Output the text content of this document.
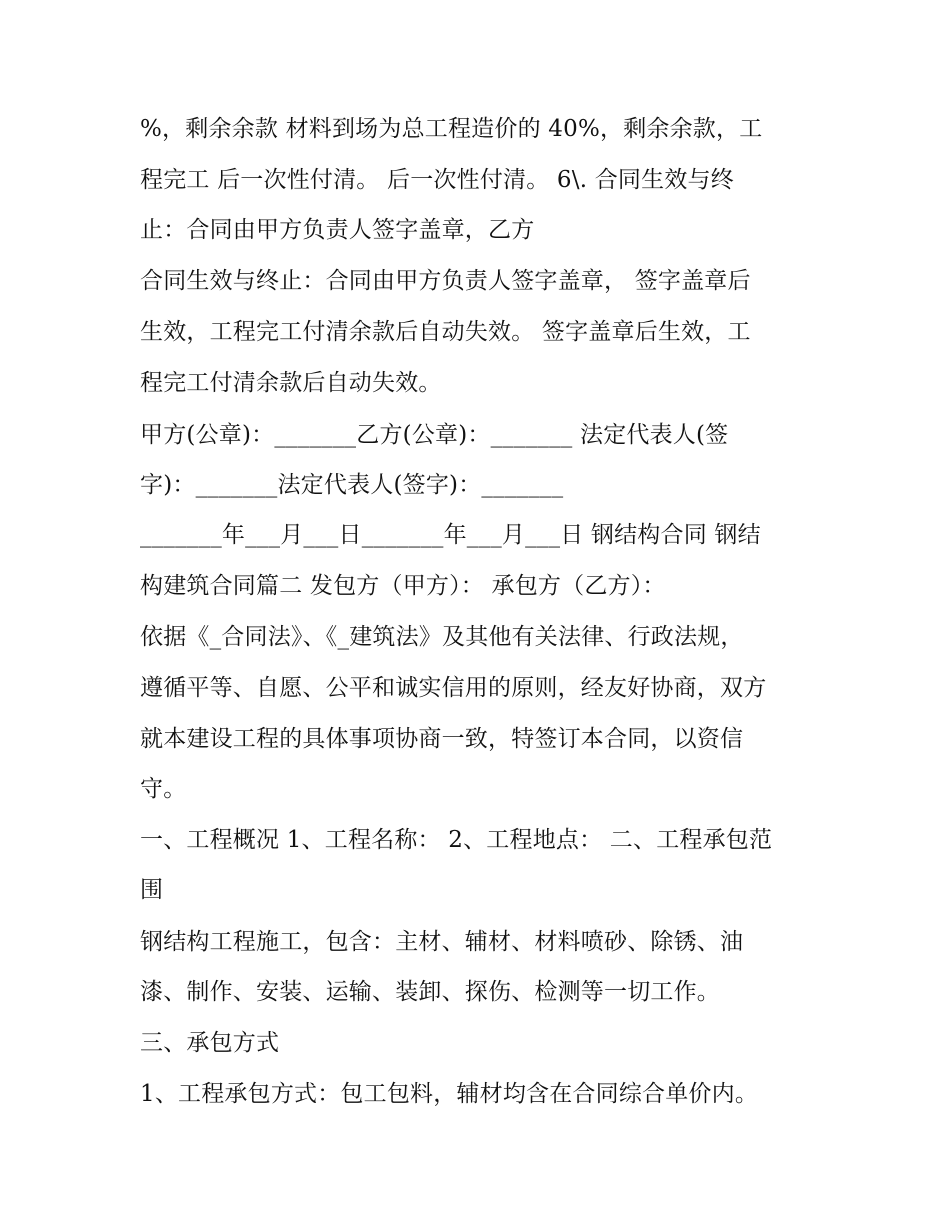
%，剩余余款 材料到场为总工程造价的 40%，剩余余款，工
程完工 后一次性付清。 后一次性付清。 6\. 合同生效与终
止：合同由甲方负责人签字盖章，乙方
合同生效与终止：合同由甲方负责人签字盖章， 签字盖章后
生效，工程完工付清余款后自动失效。 签字盖章后生效，工
程完工付清余款后自动失效。
甲方(公章)：_______乙方(公章)：_______ 法定代表人(签
字)：_______法定代表人(签字)：_______
_______年___月___日_______年___月___日 钢结构合同 钢结
构建筑合同篇二 发包方（甲方）： 承包方（乙方）：
依据《_合同法》、《_建筑法》及其他有关法律、行政法规，
遵循平等、自愿、公平和诚实信用的原则，经友好协商，双方
就本建设工程的具体事项协商一致，特签订本合同，以资信
守。
一、工程概况 1、工程名称： 2、工程地点： 二、工程承包范
围
钢结构工程施工，包含：主材、辅材、材料喷砂、除锈、油
漆、制作、安装、运输、装卸、探伤、检测等一切工作。
三、承包方式
1、工程承包方式：包工包料，辅材均含在合同综合单价内。
